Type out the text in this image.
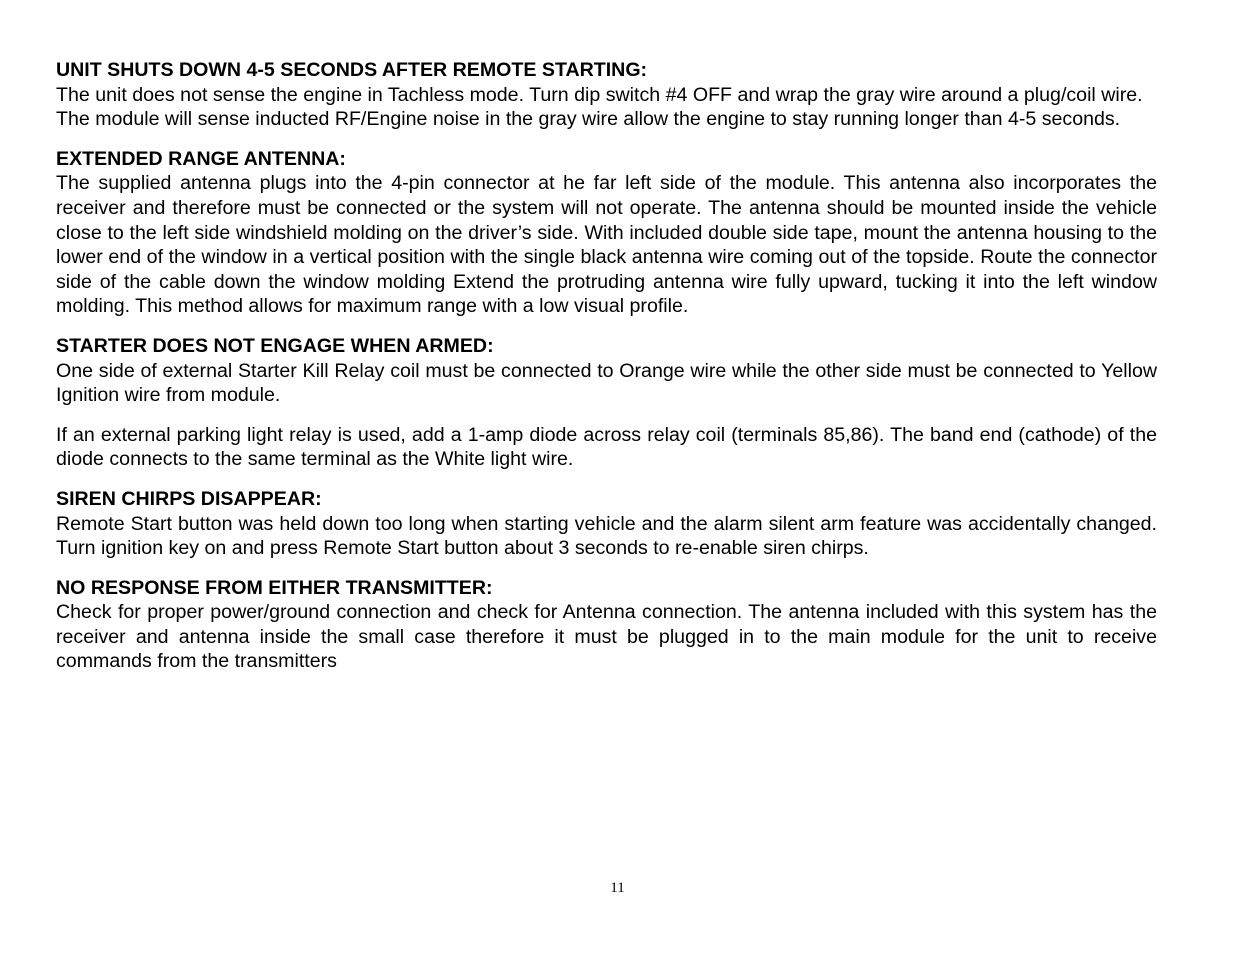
UNIT SHUTS DOWN 4-5 SECONDS AFTER REMOTE STARTING:

The unit does not sense the engine in Tachless mode. Turn dip switch #4 OFF and wrap the gray wire around a plug/coil wire. The module will sense inducted RF/Engine noise in the gray wire allow the engine to stay running longer than 4-5 seconds.

EXTENDED RANGE ANTENNA:

The supplied antenna plugs into the 4-pin connector at he far left side of the module. This antenna also incorporates the receiver and therefore must be connected or the system will not operate. The antenna should be mounted inside the vehicle close to the left side windshield molding on the driver’s side. With included double side tape, mount the antenna housing to the lower end of the window in a vertical position with the single black antenna wire coming out of the topside. Route the connector side of the cable down the window molding Extend the protruding antenna wire fully upward, tucking it into the left window molding. This method allows for maximum range with a low visual profile.

STARTER DOES NOT ENGAGE WHEN ARMED:

One side of external Starter Kill Relay coil must be connected to Orange wire while the other side must be connected to Yellow Ignition wire from module.

If an external parking light relay is used, add a 1-amp diode across relay coil (terminals 85,86). The band end (cathode) of the diode connects to the same terminal as the White light wire.

SIREN CHIRPS DISAPPEAR:

Remote Start button was held down too long when starting vehicle and the alarm silent arm feature was accidentally changed. Turn ignition key on and press Remote Start button about 3 seconds to re-enable siren chirps.

NO RESPONSE FROM EITHER TRANSMITTER:

Check for proper power/ground connection and check for Antenna connection. The antenna included with this system has the receiver and antenna inside the small case therefore it must be plugged in to the main module for the unit to receive commands from the transmitters

11
